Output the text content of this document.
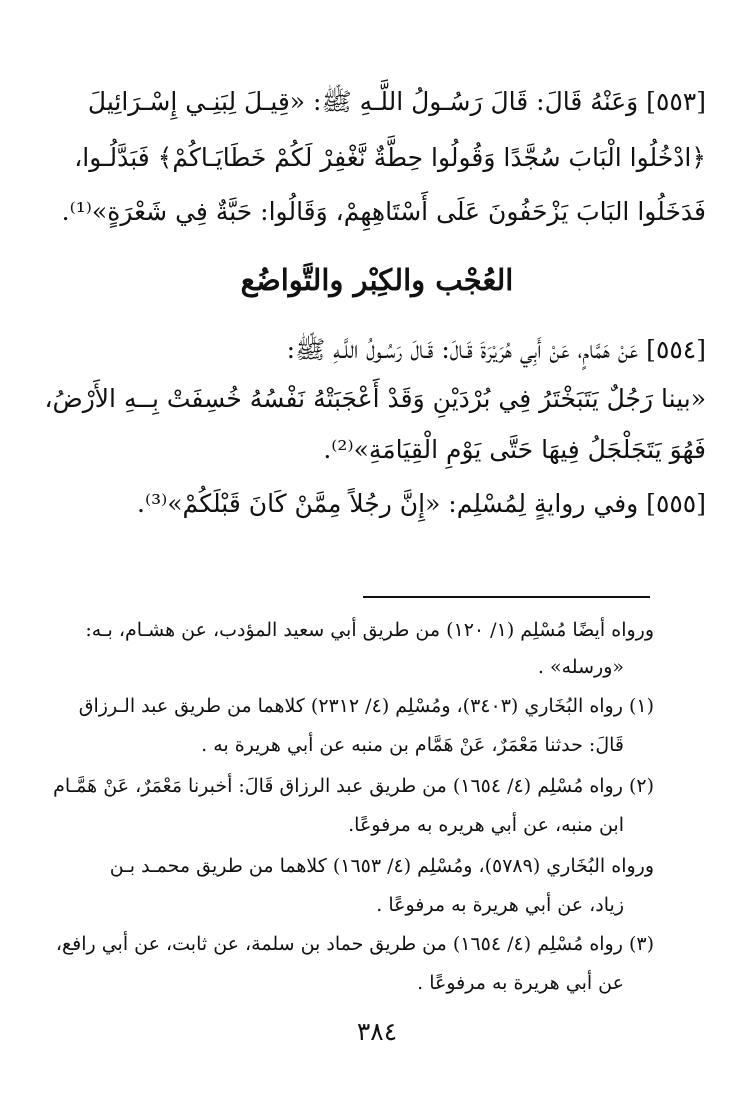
[٥٥٣] وَعَنْهُ قَالَ: قَالَ رَسُـولُ اللَّـهِ ﷺ: «قِيـلَ لِبَنِـي إِسْـرَائِيلَ
﴿ادْخُلُوا الْبَابَ سُجَّدًا وَقُولُوا حِطَّةٌ نَّغْفِرْ لَكُمْ خَطَايَـاكُمْ﴾ فَبَدَّلُـوا،
فَدَخَلُوا البَابَ يَزْحَفُونَ عَلَى أَسْتَاهِهِمْ، وَقَالُوا: حَبَّةٌ فِي شَعْرَةٍ»⁽¹⁾.
العُجْب والكِبْر والتَّواضُع
[٥٥٤] عَنْ هَمَّامٍ، عَنْ أَبِي هُرَيْرَةَ قَـالَ: قَـالَ رَسُـولُ اللَّـهِ ﷺ:
«بينا رَجُلٌ يَتَبَخْتَرُ فِي بُرْدَيْنِ وَقَدْ أَعْجَبَتْهُ نَفْسُهُ خُسِفَتْ بِــهِ الأَرْضُ،
فَهُوَ يَتَجَلْجَلُ فِيهَا حَتَّى يَوْمِ الْقِيَامَةِ»⁽²⁾.
[٥٥٥] وفي روايةٍ لِمُسْلِم: «إِنَّ رجُلاً مِمَّنْ كَانَ قَبْلَكُمْ»⁽³⁾.
ورواه أيضًا مُسْلِم (١/ ١٢٠) من طريق أبي سعيد المؤدب، عن هشـام، بـه:
«ورسله» .
(١) رواه البُخَاري (٣٤٠٣)، ومُسْلِم (٤/ ٢٣١٢) كلاهما من طريق عبد الـرزاق
قَالَ: حدثنا مَعْمَرٌ، عَنْ هَمَّام بن منبه عن أبي هريرة به .
(٢) رواه مُسْلِم (٤/ ١٦٥٤) من طريق عبد الرزاق قَالَ: أخبرنا مَعْمَرٌ، عَنْ هَمَّـام
ابن منبه، عن أبي هريره به مرفوعًا.
ورواه البُخَاري (٥٧٨٩)، ومُسْلِم (٤/ ١٦٥٣) كلاهما من طريق محمـد بـن
زياد، عن أبي هريرة به مرفوعًا .
(٣) رواه مُسْلِم (٤/ ١٦٥٤) من طريق حماد بن سلمة، عن ثابت، عن أبي رافع،
عن أبي هريرة به مرفوعًا .
٣٨٤
